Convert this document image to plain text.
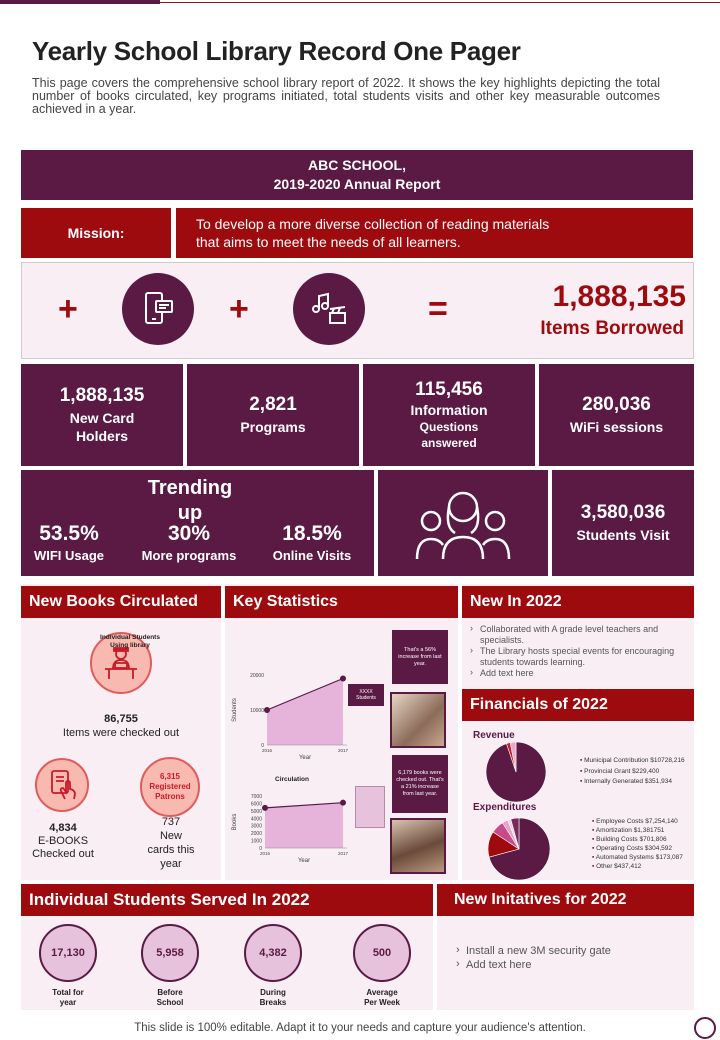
Yearly School Library Record One Pager
This page covers the comprehensive school library report of 2022. It shows the key highlights depicting the total number of books circulated, key programs initiated, total students visits and other key measurable outcomes achieved in a year.
ABC SCHOOL,
2019-2020 Annual Report
Mission:
To develop a more diverse collection of reading materials
that aims to meet the needs of all learners.
+	+	=	1,888,135
Items Borrowed
1,888,135
New Card
Holders
2,821
Programs
115,456
Information
Questions
answered
280,036
WiFi sessions
Trending
up
53.5%
WIFI Usage
30%
More programs
18.5%
Online Visits
3,580,036
Students Visit
New Books Circulated	Key Statistics	New In 2022
86,755
Items were checked out
6,315
Registered
Patrons
4,834
E-BOOKS
Checked out
737
New
cards this
year
20000
10000
0
2016	2017
Year
Students
7000
6000
5000
4000
3000
2000
1000
0
2016	2017
Year
Books
Individual Students
Using library
Circulation
That's a 56% increase from last year.
XXXX Students
6,179 books were checked out. That's a 21% increase from last year.
› Collaborated with A grade level teachers and specialists.
› The Library hosts special events for encouraging students towards learning.
› Add text here
Financials of 2022
Revenue
Expenditures
▪ Municipal Contribution $10728,216
▪ Provincial Grant $229,400
▪ Internally Generated $351,934
▪ Employee Costs $7,254,140
▪ Amortization $1,381751
▪ Building Costs $701,806
▪ Operating Costs $304,592
▪ Automated Systems $173,087
▪ Other $437,412
Individual Students Served In 2022
17,130
Total for
year
5,958
Before
School
4,382
During
Breaks
500
Average
Per Week
New Initatives for 2022
› Install a new 3M security gate
› Add text here
This slide is 100% editable. Adapt it to your needs and capture your audience's attention.
